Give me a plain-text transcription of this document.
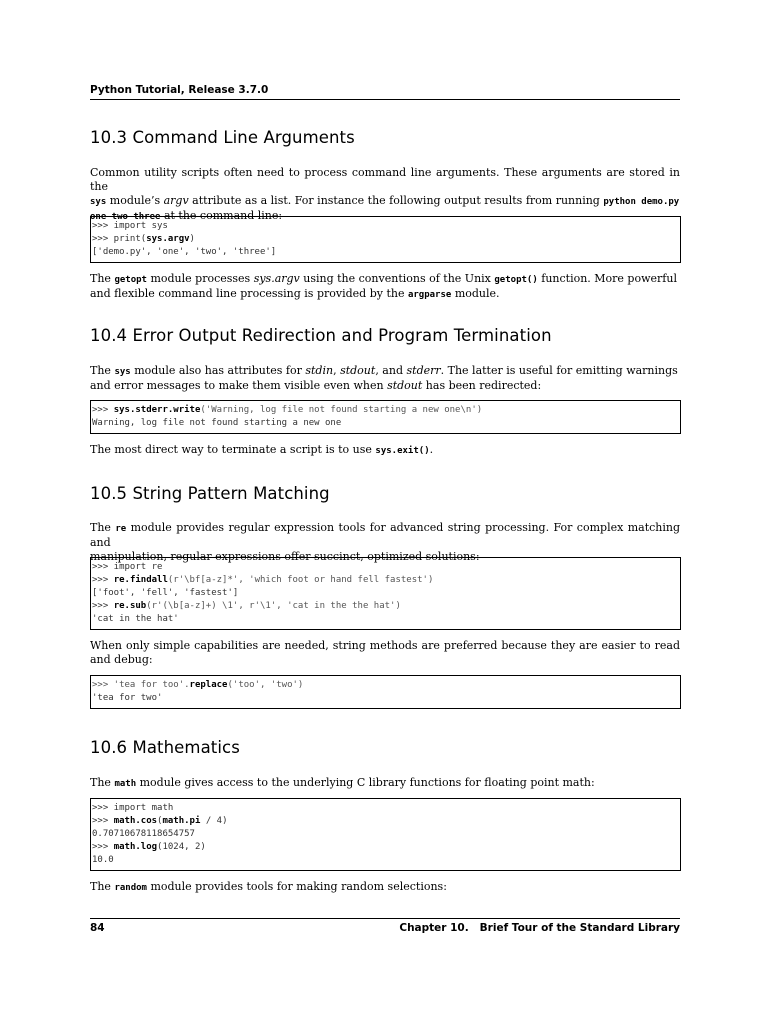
Python Tutorial, Release 3.7.0
10.3 Command Line Arguments

Common utility scripts often need to process command line arguments. These arguments are stored in the
sys module’s argv attribute as a list. For instance the following output results from running python demo.py
one two three at the command line:

>>> import sys
>>> print(sys.argv)
['demo.py', 'one', 'two', 'three']

The getopt module processes sys.argv using the conventions of the Unix getopt() function. More powerful
and flexible command line processing is provided by the argparse module.

10.4 Error Output Redirection and Program Termination

The sys module also has attributes for stdin, stdout, and stderr. The latter is useful for emitting warnings
and error messages to make them visible even when stdout has been redirected:

>>> sys.stderr.write('Warning, log file not found starting a new one\n')
Warning, log file not found starting a new one

The most direct way to terminate a script is to use sys.exit().

10.5 String Pattern Matching

The re module provides regular expression tools for advanced string processing. For complex matching and
manipulation, regular expressions offer succinct, optimized solutions:

>>> import re
>>> re.findall(r'\bf[a-z]*', 'which foot or hand fell fastest')
['foot', 'fell', 'fastest']
>>> re.sub(r'(\b[a-z]+) \1', r'\1', 'cat in the the hat')
'cat in the hat'

When only simple capabilities are needed, string methods are preferred because they are easier to read and debug:

>>> 'tea for too'.replace('too', 'two')
'tea for two'
10.6 Mathematics

The math module gives access to the underlying C library functions for floating point math:

>>> import math
>>> math.cos(math.pi / 4)
0.70710678118654757
>>> math.log(1024, 2)
10.0

The random module provides tools for making random selections:

84	Chapter 10.   Brief Tour of the Standard Library
